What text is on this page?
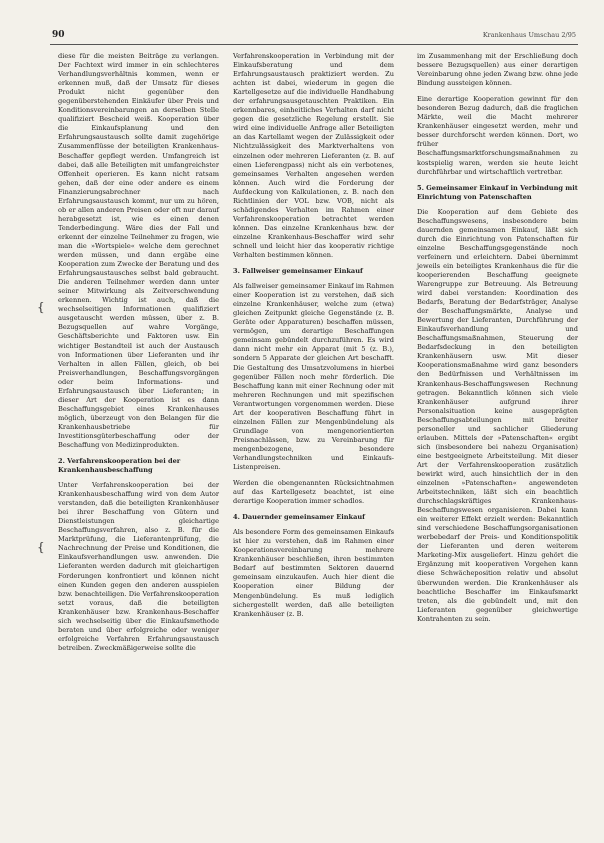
90	Krankenhaus Umschau 2/95
{
{

diese für die meisten Beiträge zu verlangen. Der Fachtext wird immer in ein schlechteres Verhandlungsverhältnis kommen, wenn er erkennen muß, daß der Umsatz für dieses Produkt nicht gegenüber den gegenüberstehenden Einkäufer über Preis und Konditionsvereinbarungen an derselben Stelle qualifiziert Bescheid weiß. Kooperation über die Einkaufsplanung und den Erfahrungsaustausch sollte damit zugehörige Zusammenflüsse der beteiligten Krankenhaus-Beschaffer gepflegt werden. Umfangreich ist dabei, daß alle Beteiligten mit umfangreichster Offenheit operieren. Es kann nicht ratsam gehen, daß der eine oder andere es einem Finanzierungsabrechner nach Erfahrungsaustausch kommt, nur um zu hören, ob er allen anderen Preisen oder oft nur darauf herabgesetzt ist, wie es einen denen Tenderbedingung. Wäre dies der Fall und erkennt der einzelne Teilnehmer zu fragen, wie man die »Wortspiele« welche dem gerechnet werden müssen, und dann ergäbe eine Kooperation zum Zwecke der Beratung und des Erfahrungsaustausches selbst bald gebraucht. Die anderen Teilnehmer werden dann unter seiner Mitwirkung als Zeitverschwendung erkennen. Wichtig ist auch, daß die wechselseitigen Informationen qualifiziert ausgetauscht werden müssen, über z. B. Bezugsquellen auf wahre Vorgänge, Geschäftsberichte und Faktoren usw. Ein wichtiger Bestandteil ist auch der Austausch von Informationen über Lieferanten und ihr Verhalten in allen Fällen, gleich, ob bei Preisverhandlungen, Beschaffungsvorgängen oder beim Informations- und Erfahrungsaustausch über Lieferanten; in dieser Art der Kooperation ist es dann Beschaffungsgebiet eines Krankenhauses möglich, überzeugt von den Belangen für die Krankenhausbetriebe für Investitionsgüterbeschaffung oder der Beschaffung von Medizinprodukten.

2. Verfahrenskooperation bei der Krankenhausbeschaffung

Unter Verfahrenskooperation bei der Krankenhausbeschaffung wird von dem Autor verstanden, daß die beteiligten Krankenhäuser bei ihrer Beschaffung von Gütern und Dienstleistungen gleichartige Beschaffungsverfahren, also z. B. für die Marktprüfung, die Lieferantenprüfung, die Nachrechnung der Preise und Konditionen, die Einkaufsverhandlungen usw. anwenden. Die Lieferanten werden dadurch mit gleichartigen Forderungen konfrontiert und können nicht einen Kunden gegen den anderen ausspielen bzw. benachteiligen. Die Verfahrenskooperation setzt voraus, daß die beteiligten Krankenhäuser bzw. Krankenhaus-Beschaffer sich wechselseitig über die Einkaufsmethode beraten und über erfolgreiche oder weniger erfolgreiche Verfahren Erfahrungsaustausch betreiben. Zweckmäßigerweise sollte die

Verfahrenskooperation in Verbindung mit der Einkaufsberatung und dem Erfahrungsaustausch praktiziert werden. Zu achten ist dabei, wiederum in gegen die Kartellgesetze auf die individuelle Handhabung der erfahrungsausgetauschten Praktiken. Ein erkennbares, einheitliches Verhalten darf nicht gegen die gesetzliche Regelung erstellt. Sie wird eine individuelle Anfrage aller Beteiligten an das Kartellamt wegen der Zulässigkeit oder Nichtzulässigkeit des Marktverhaltens von einzelnen oder mehreren Lieferanten (z. B. auf einen Lieferengpass) nicht als ein verbotenes, gemeinsames Verhalten angesehen werden können. Auch wird die Forderung der Aufdeckung von Kalkulationen, z. B. nach den Richtlinien der VOL bzw. VOB, nicht als schädigendes Verhalten im Rahmen einer Verfahrenskooperation betrachtet werden können. Das einzelne Krankenhaus bzw. der einzelne Krankenhaus-Beschaffer wird sehr schnell und leicht hier das kooperativ richtige Verhalten bestimmen können.

3. Fallweiser gemeinsamer Einkauf

Als fallweiser gemeinsamer Einkauf im Rahmen einer Kooperation ist zu verstehen, daß sich einzelne Krankenhäuser, welche zum (etwa) gleichen Zeitpunkt gleiche Gegenstände (z. B. Geräte oder Apparaturen) beschaffen müssen, vermögen, um derartige Beschaffungen gemeinsam gebündelt durchzuführen. Es wird dann nicht mehr ein Apparat (mit 5 (z. B.), sondern 5 Apparate der gleichen Art beschafft. Die Gestaltung des Umsatzvolumens in hierbei gegenüber Fällen noch mehr förderlich. Die Beschaffung kann mit einer Rechnung oder mit mehreren Rechnungen und mit spezifischen Verantwortungen vorgenommen werden. Diese Art der kooperativen Beschaffung führt in einzelnen Fällen zur Mengenbündelung als Grundlage von mengenorientierten Preisnachlässen, bzw. zu Vereinbarung für mengenbezogene, besondere Verhandlungstechniken und Einkaufs-Listenpreisen.

Werden die obengenannten Rücksichtnahmen auf das Kartellgesetz beachtet, ist eine derartige Kooperation immer schadlos.

4. Dauernder gemeinsamer Einkauf

Als besondere Form des gemeinsamen Einkaufs ist hier zu verstehen, daß im Rahmen einer Kooperationsvereinbarung mehrere Krankenhäuser beschließen, ihren bestimmten Bedarf auf bestimmten Sektoren dauernd gemeinsam einzukaufen. Auch hier dient die Kooperation einer Bildung der Mengenbündelung. Es muß lediglich sichergestellt werden, daß alle beteiligten Krankenhäuser (z. B.

im Zusammenhang mit der Erschließung doch bessere Bezugsquellen) aus einer derartigen Vereinbarung ohne jeden Zwang bzw. ohne jede Bindung aussteigen können.

Eine derartige Kooperation gewinnt für den besonderen Bezug dadurch, daß die fraglichen Märkte, weil die Macht mehrerer Krankenhäuser eingesetzt werden, mehr und besser durchforscht werden können. Dort, wo früher Beschaffungsmarktforschungsmaßnahmen zu kostspielig waren, werden sie heute leicht durchführbar und wirtschaftlich vertretbar.

5. Gemeinsamer Einkauf in Verbindung mit Einrichtung von Patenschaften

Die Kooperation auf dem Gebiete des Beschaffungswesens, insbesondere beim dauernden gemeinsamen Einkauf, läßt sich durch die Einrichtung von Patenschaften für einzelne Beschaffungsgegenstände noch verfeinern und erleichtern. Dabei übernimmt jeweils ein beteiligtes Krankenhaus die für die kooperierenden Beschaffung geeignete Warengruppe zur Betreuung. Als Betreuung wird dabei verstanden: Koordination des Bedarfs, Beratung der Bedarfsträger, Analyse der Beschaffungsmärkte, Analyse und Bewertung der Lieferanten, Durchführung der Einkaufsverhandlung und Beschaffungsmaßnahmen, Steuerung der Bedarfsdeckung in den beteiligten Krankenhäusern usw. Mit dieser Kooperationsmaßnahme wird ganz besonders den Bedürfnissen und Verhältnissen im Krankenhaus-Beschaffungswesen Rechnung getragen. Bekanntlich können sich viele Krankenhäuser aufgrund ihrer Personalsituation keine ausgeprägten Beschaffungsabteilungen mit breiter personeller und sachlicher Gliederung erlauben. Mittels der »Patenschaften« ergibt sich (insbesondere bei nahezu Organisation) eine bestgeeignete Arbeitsteilung. Mit dieser Art der Verfahrenskooperation zusätzlich bewirkt wird, auch hinsichtlich der in den einzelnen »Patenschaften« angewendeten Arbeitstechniken, läßt sich ein beachtlich durchschlagskräftiges Krankenhaus-Beschaffungswesen organisieren. Dabei kann ein weiterer Effekt erzielt werden: Bekanntlich sind verschiedene Beschaffungsorganisationen werbebedarf der Preis- und Konditionspolitik der Lieferanten und deren weiterem Marketing-Mix ausgeliefert. Hinzu gehört die Ergänzung mit kooperativen Vorgehen kann diese Schwächeposition relativ und absolut überwunden werden. Die Krankenhäuser als beachtliche Beschaffer im Einkaufsmarkt treten, als die gebündelt und, mit den Lieferanten gegenüber gleichwertige Kontrahenten zu sein.
